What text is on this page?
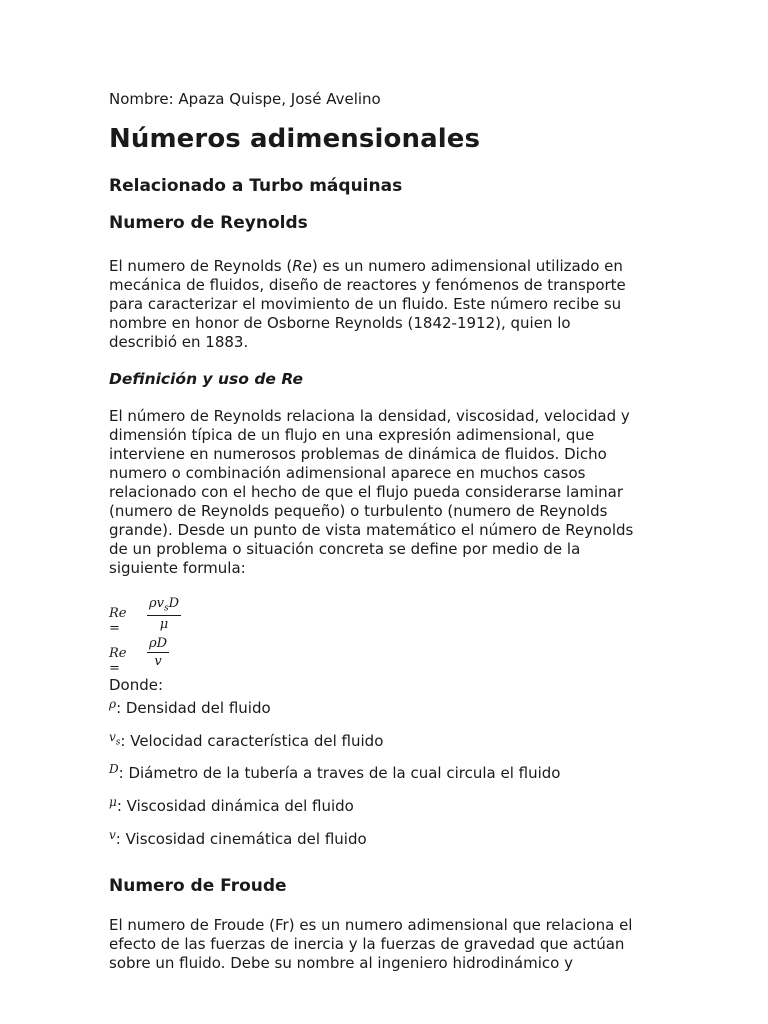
Nombre: Apaza Quispe, José Avelino
Números adimensionales
Relacionado a Turbo máquinas
Numero de Reynolds
El numero de Reynolds (Re) es un numero adimensional utilizado en
mecánica de fluidos, diseño de reactores y fenómenos de transporte
para caracterizar el movimiento de un fluido. Este número recibe su
nombre en honor de Osborne Reynolds (1842-1912), quien lo
describió en 1883.
Definición y uso de Re
El número de Reynolds relaciona la densidad, viscosidad, velocidad y
dimensión típica de un flujo en una expresión adimensional, que
interviene en numerosos problemas de dinámica de fluidos. Dicho
numero o combinación adimensional aparece en muchos casos
relacionado con el hecho de que el flujo pueda considerarse laminar
(numero de Reynolds pequeño) o turbulento (numero de Reynolds
grande). Desde un punto de vista matemático el número de Reynolds
de un problema o situación concreta se define por medio de la
siguiente formula:
Re =
$\rho v_sD$
μ
Re =	$\frac{\rho D}{v}$
Donde:
$^\rho$: Densidad del fluido
$^{v_s}$: Velocidad característica del fluido
$^D$: Diámetro de la tubería a traves de la cual circula el fluido
$^\mu$: Viscosidad dinámica del fluido
$^v$: Viscosidad cinemática del fluido
Numero de Froude
El numero de Froude (Fr) es un numero adimensional que relaciona el
efecto de las fuerzas de inercia y la fuerzas de gravedad que actúan
sobre un fluido. Debe su nombre al ingeniero hidrodinámico y
